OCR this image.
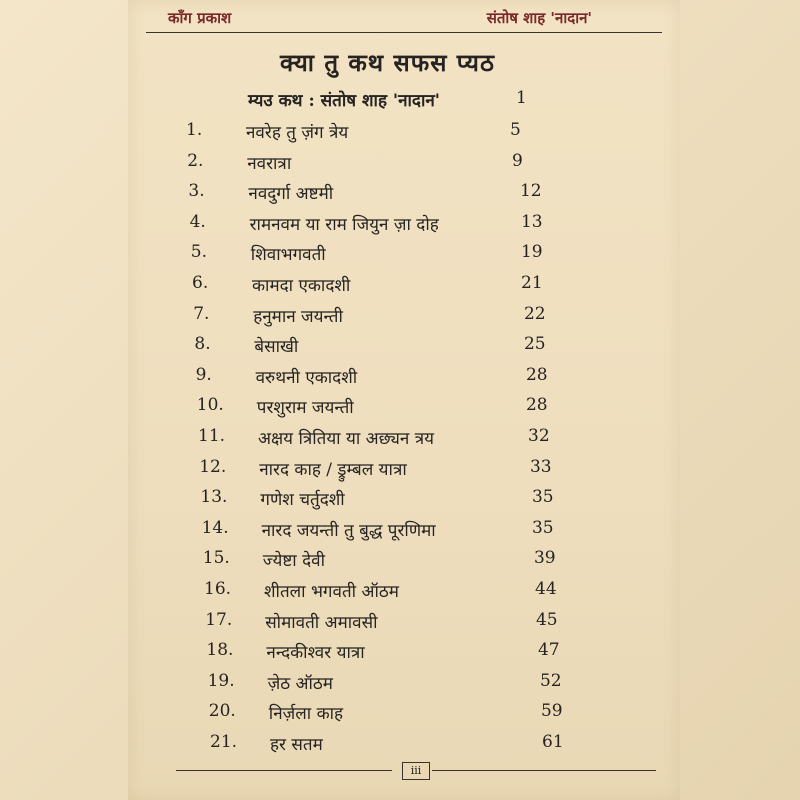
कॉंग प्रकाश	संतोष शाह 'नादान'
क्या तु कथ सफस प्यठ
म्यउ कथ : संतोष शाह 'नादान'	1
1.	नवरेह तु ज़ंग त्रेय	5
2.	नवरात्रा	9
3.	नवदुर्गा अष्टमी	12
4.	रामनवम या राम जियुन ज़ा दोह	13
5.	शिवाभगवती	19
6.	कामदा एकादशी	21
7.	हनुमान जयन्ती	22
8.	बेसाखी	25
9.	वरुथनी एकादशी	28
10.	परशुराम जयन्ती	28
11.	अक्षय त्रितिया या अछ्यन त्रय	32
12.	नारद काह / ड्रुम्बल यात्रा	33
13.	गणेश चर्तुदशी	35
14.	नारद जयन्ती तु बुद्ध पूरणिमा	35
15.	ज्येष्टा देवी	39
16.	शीतला भगवती ऑठम	44
17.	सोमावती अमावसी	45
18.	नन्दकीश्वर यात्रा	47
19.	ज़ेठ ऑठम	52
20.	निर्ज़ला काह	59
21.	हर सतम	61
iii
